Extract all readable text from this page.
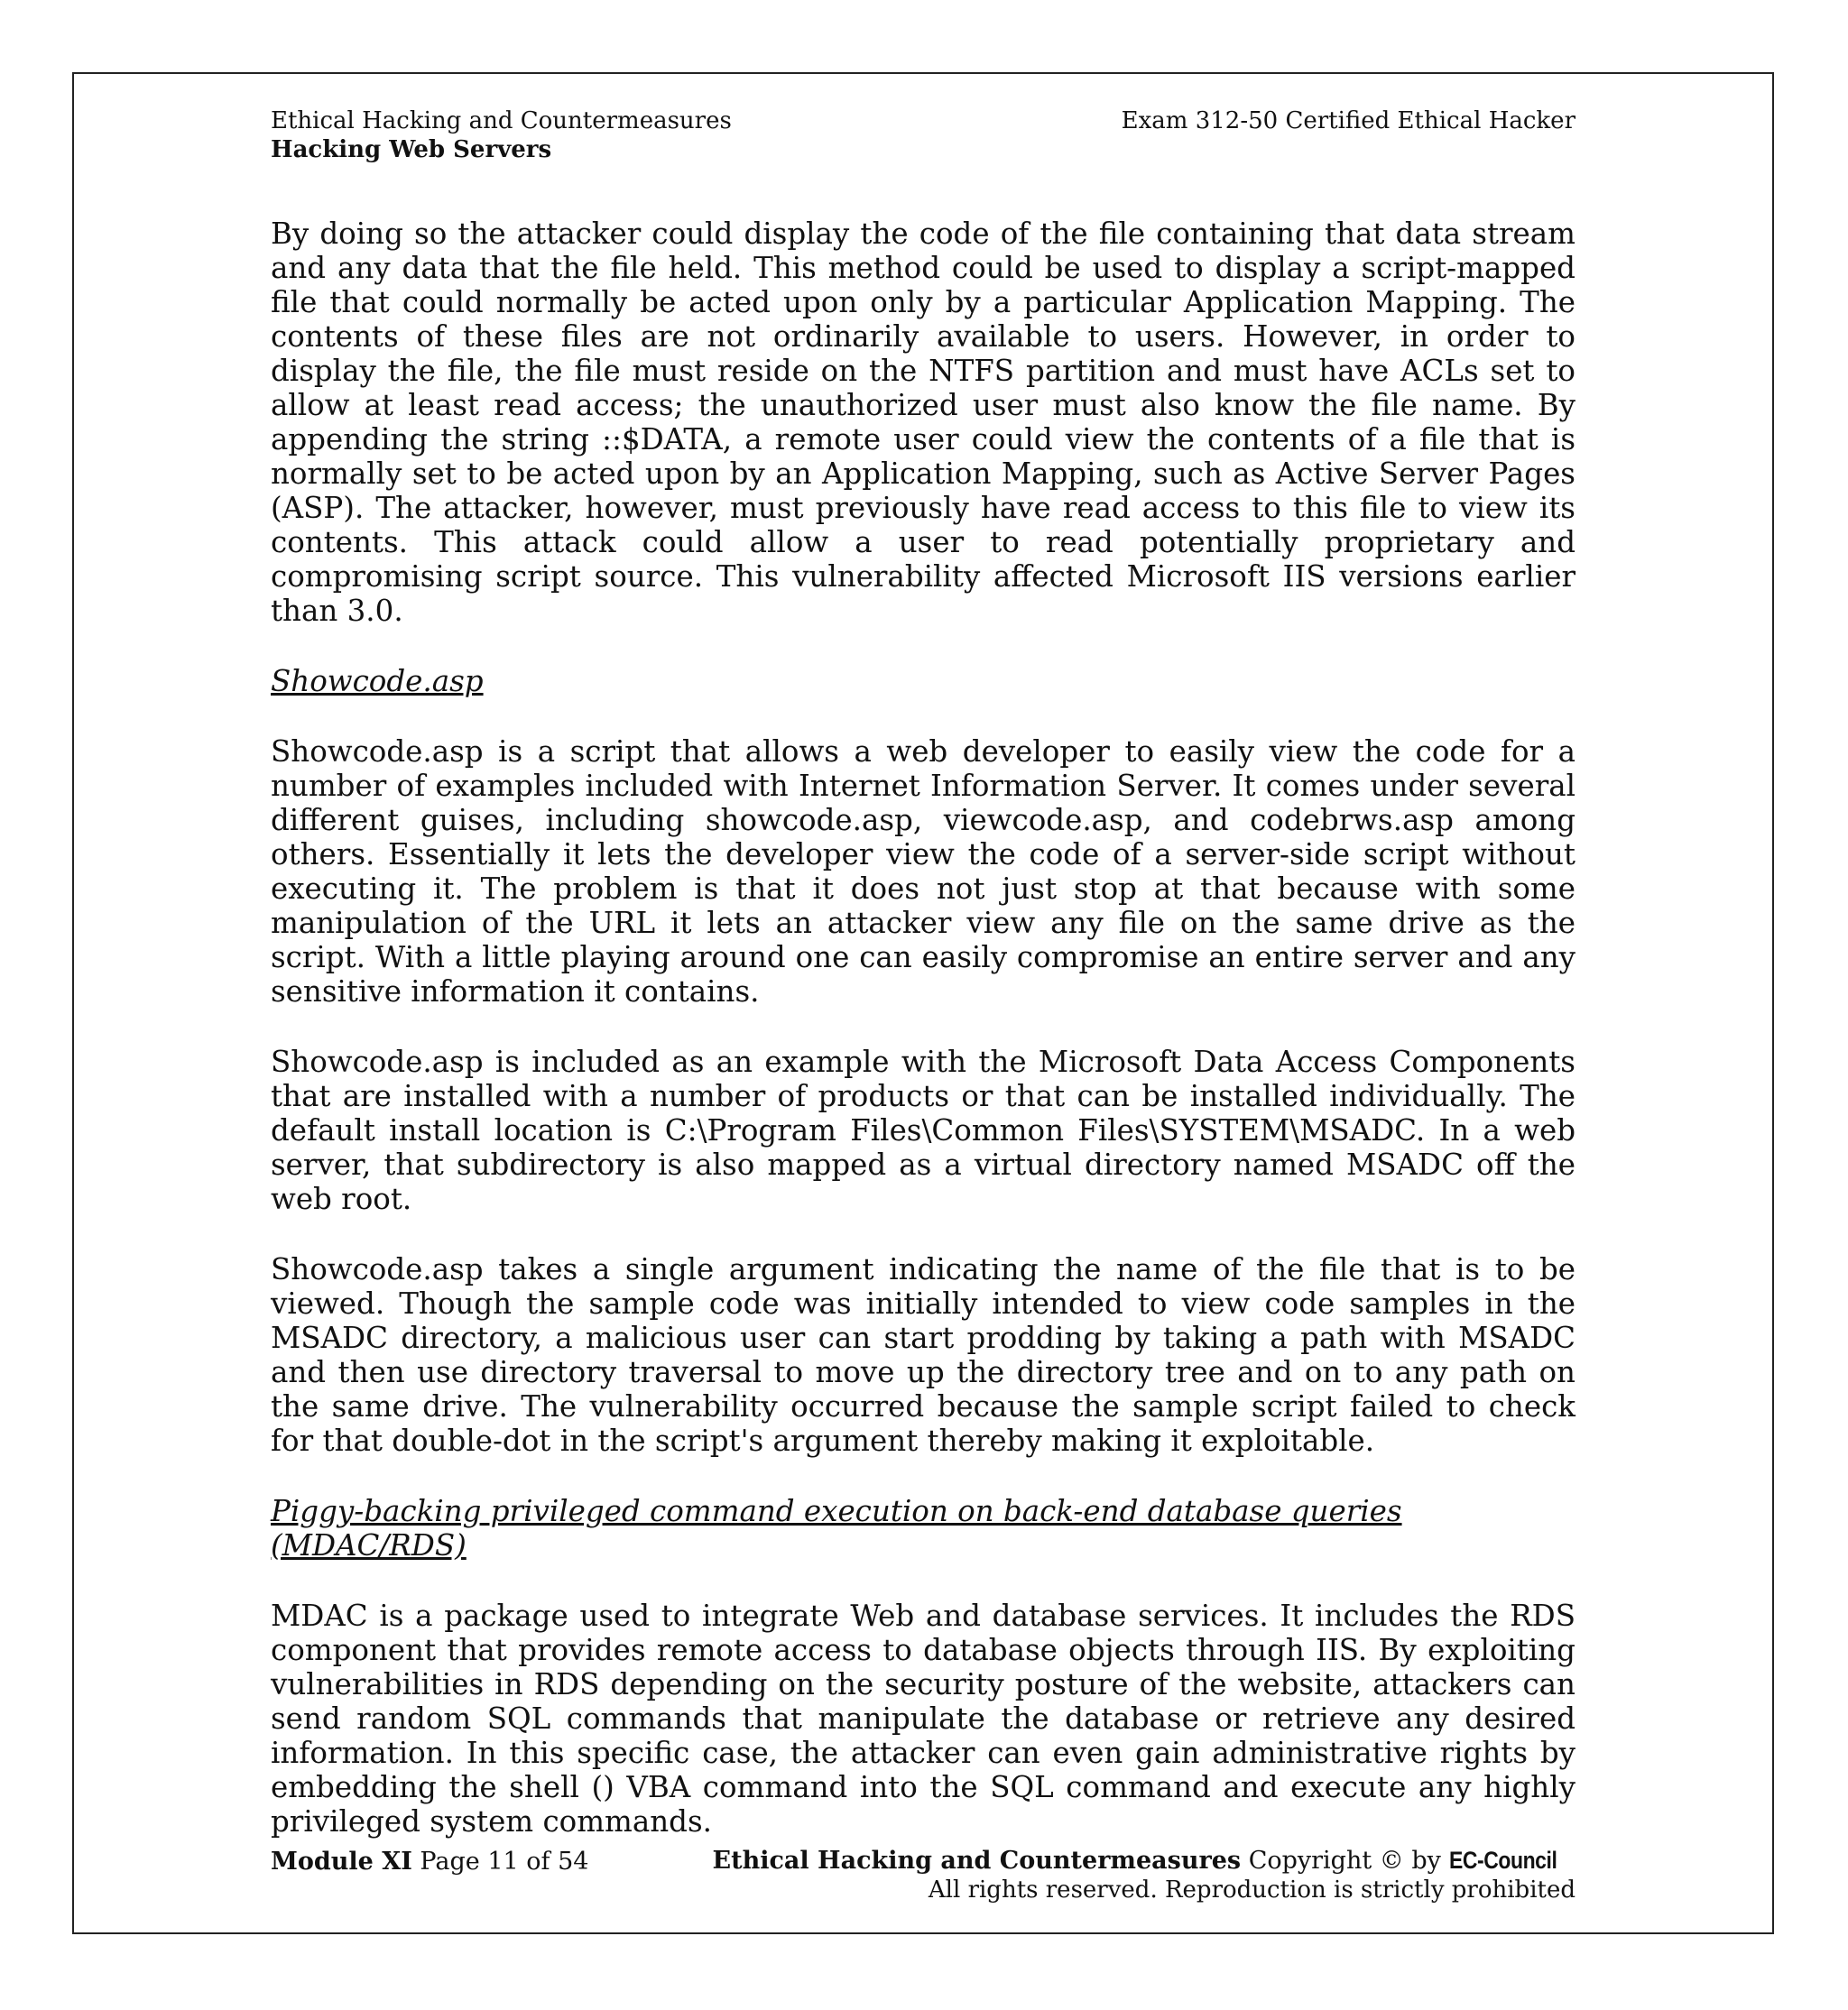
Ethical Hacking and Countermeasures
Hacking Web Servers
Exam 312-50 Certified Ethical Hacker

By doing so the attacker could display the code of the file containing that data stream and any data that the file held. This method could be used to display a script-mapped file that could normally be acted upon only by a particular Application Mapping. The contents of these files are not ordinarily available to users. However, in order to display the file, the file must reside on the NTFS partition and must have ACLs set to allow at least read access; the unauthorized user must also know the file name. By appending the string ::$DATA, a remote user could view the contents of a file that is normally set to be acted upon by an Application Mapping, such as Active Server Pages (ASP). The attacker, however, must previously have read access to this file to view its contents. This attack could allow a user to read potentially proprietary and compromising script source. This vulnerability affected Microsoft IIS versions earlier than 3.0.

Showcode.asp

Showcode.asp is a script that allows a web developer to easily view the code for a number of examples included with Internet Information Server. It comes under several different guises, including showcode.asp, viewcode.asp, and codebrws.asp among others. Essentially it lets the developer view the code of a server-side script without executing it. The problem is that it does not just stop at that because with some manipulation of the URL it lets an attacker view any file on the same drive as the script. With a little playing around one can easily compromise an entire server and any sensitive information it contains.

Showcode.asp is included as an example with the Microsoft Data Access Components that are installed with a number of products or that can be installed individually. The default install location is C:\Program Files\Common Files\SYSTEM\MSADC. In a web server, that subdirectory is also mapped as a virtual directory named MSADC off the web root.

Showcode.asp takes a single argument indicating the name of the file that is to be viewed. Though the sample code was initially intended to view code samples in the MSADC directory, a malicious user can start prodding by taking a path with MSADC and then use directory traversal to move up the directory tree and on to any path on the same drive. The vulnerability occurred because the sample script failed to check for that double-dot in the script's argument thereby making it exploitable.

Piggy-backing privileged command execution on back-end database queries (MDAC/RDS)

MDAC is a package used to integrate Web and database services. It includes the RDS component that provides remote access to database objects through IIS. By exploiting vulnerabilities in RDS depending on the security posture of the website, attackers can send random SQL commands that manipulate the database or retrieve any desired information. In this specific case, the attacker can even gain administrative rights by embedding the shell () VBA command into the SQL command and execute any highly privileged system commands.

Module XI Page 11 of 54	Ethical Hacking and Countermeasures Copyright © by EC-Council
All rights reserved. Reproduction is strictly prohibited
